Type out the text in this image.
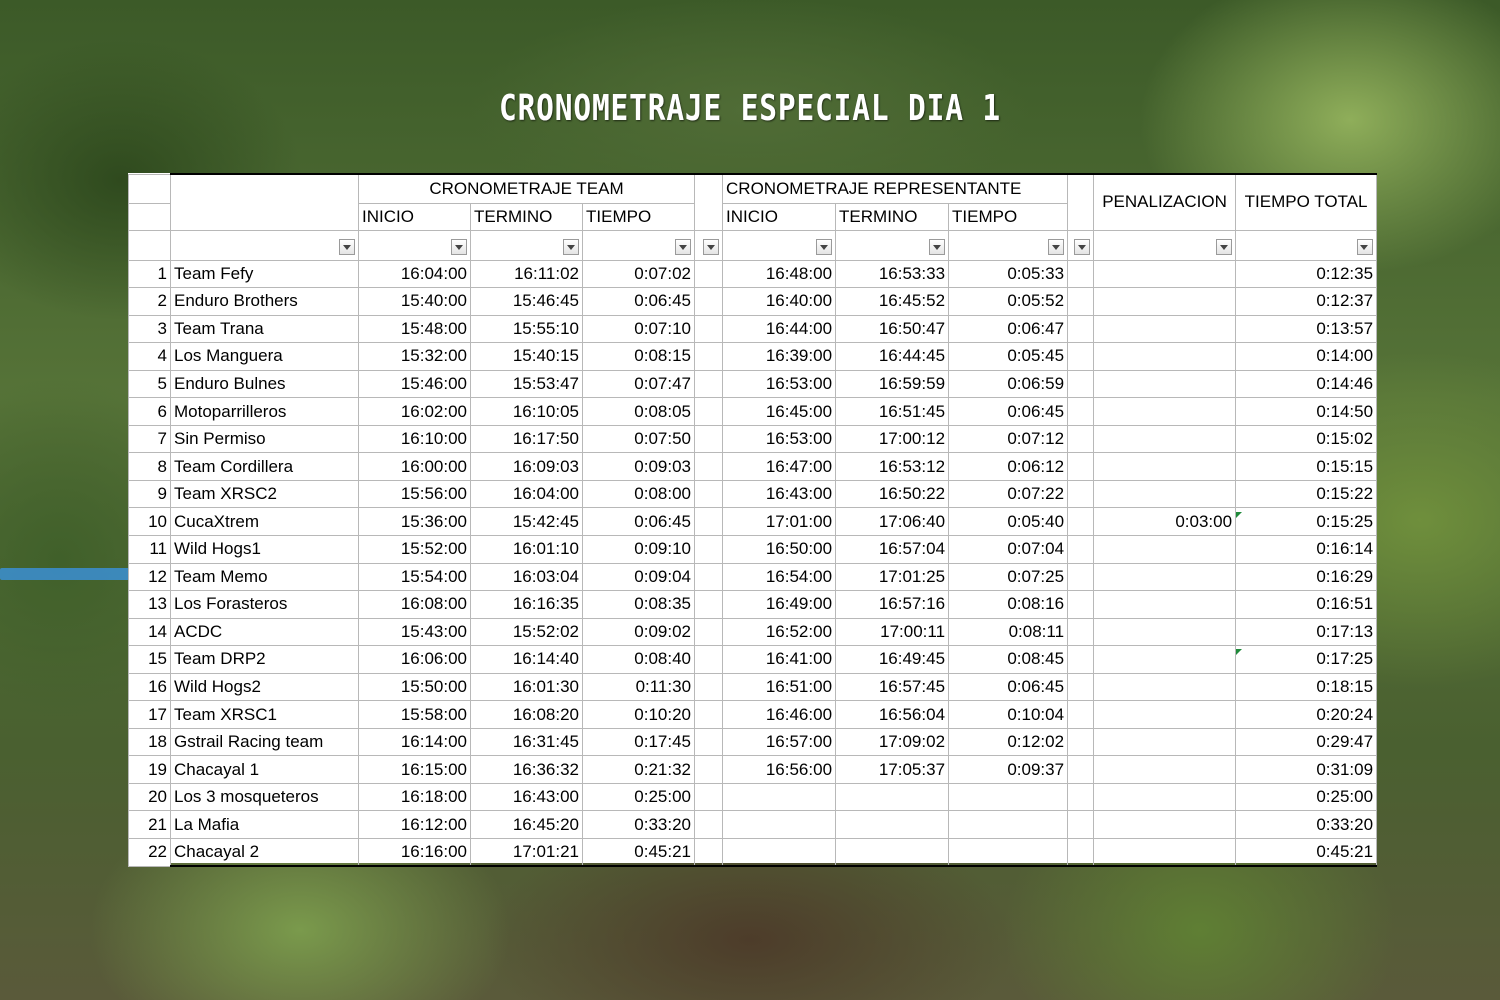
CRONOMETRAJE ESPECIAL DIA 1
		CRONOMETRAJE TEAM				CRONOMETRAJE REPRESENTANTE				PENALIZACION	TIEMPO TOTAL
		INICIO	TERMINO	TIEMPO		INICIO	TERMINO	TIEMPO			

1	Team Fefy	16:04:00	16:11:02	0:07:02		16:48:00	16:53:33	0:05:33			0:12:35
2	Enduro Brothers	15:40:00	15:46:45	0:06:45		16:40:00	16:45:52	0:05:52			0:12:37
3	Team Trana	15:48:00	15:55:10	0:07:10		16:44:00	16:50:47	0:06:47			0:13:57
4	Los Manguera	15:32:00	15:40:15	0:08:15		16:39:00	16:44:45	0:05:45			0:14:00
5	Enduro Bulnes	15:46:00	15:53:47	0:07:47		16:53:00	16:59:59	0:06:59			0:14:46
6	Motoparrilleros	16:02:00	16:10:05	0:08:05		16:45:00	16:51:45	0:06:45			0:14:50
7	Sin Permiso	16:10:00	16:17:50	0:07:50		16:53:00	17:00:12	0:07:12			0:15:02
8	Team Cordillera	16:00:00	16:09:03	0:09:03		16:47:00	16:53:12	0:06:12			0:15:15
9	Team XRSC2	15:56:00	16:04:00	0:08:00		16:43:00	16:50:22	0:07:22			0:15:22
10	CucaXtrem	15:36:00	15:42:45	0:06:45		17:01:00	17:06:40	0:05:40		0:03:00	0:15:25
11	Wild Hogs1	15:52:00	16:01:10	0:09:10		16:50:00	16:57:04	0:07:04			0:16:14
12	Team Memo	15:54:00	16:03:04	0:09:04		16:54:00	17:01:25	0:07:25			0:16:29
13	Los Forasteros	16:08:00	16:16:35	0:08:35		16:49:00	16:57:16	0:08:16			0:16:51
14	ACDC	15:43:00	15:52:02	0:09:02		16:52:00	17:00:11	0:08:11			0:17:13
15	Team DRP2	16:06:00	16:14:40	0:08:40		16:41:00	16:49:45	0:08:45			0:17:25
16	Wild Hogs2	15:50:00	16:01:30	0:11:30		16:51:00	16:57:45	0:06:45			0:18:15
17	Team XRSC1	15:58:00	16:08:20	0:10:20		16:46:00	16:56:04	0:10:04			0:20:24
18	Gstrail Racing team	16:14:00	16:31:45	0:17:45		16:57:00	17:09:02	0:12:02			0:29:47
19	Chacayal 1	16:15:00	16:36:32	0:21:32		16:56:00	17:05:37	0:09:37			0:31:09
20	Los 3 mosqueteros	16:18:00	16:43:00	0:25:00							0:25:00
21	La Mafia	16:12:00	16:45:20	0:33:20							0:33:20
22	Chacayal 2	16:16:00	17:01:21	0:45:21							0:45:21
